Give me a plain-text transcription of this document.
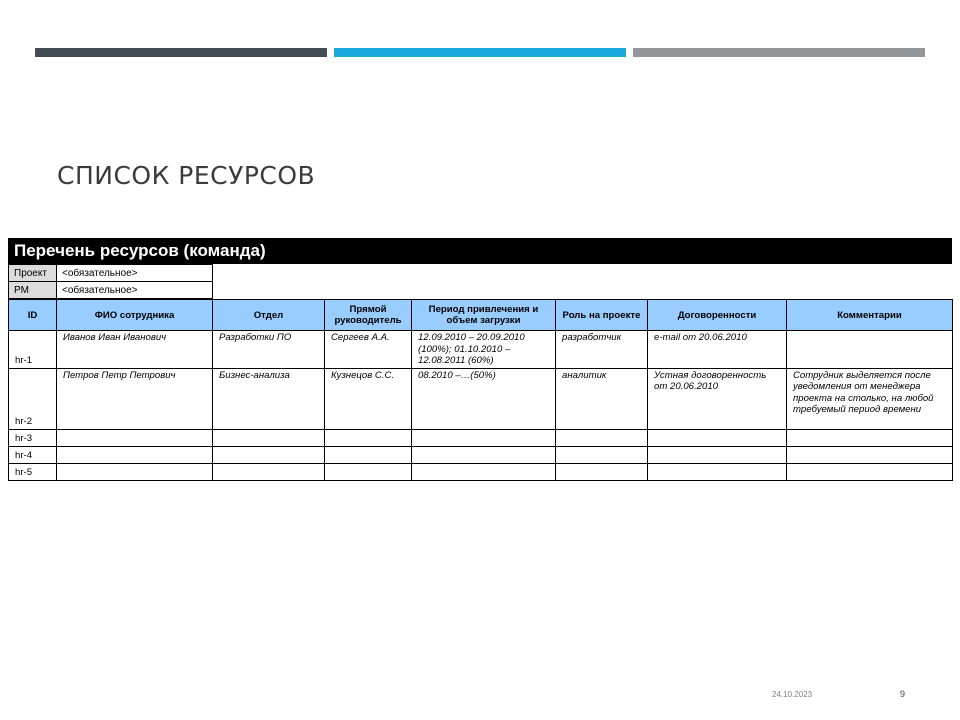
СПИСОК РЕСУРСОВ
Перечень ресурсов (команда)
Проект	<обязательное>
PM	<обязательное>
ID	ФИО сотрудника	Отдел	Прямой руководитель	Период привлечения и объем загрузки	Роль на проекте	Договоренности	Комментарии
hr-1	Иванов Иван Иванович	Разработки ПО	Сергеев А.А.	12.09.2010 – 20.09.2010 (100%); 01.10.2010 – 12.08.2011 (60%)	разработчик	e-mail от 20.06.2010	
hr-2	Петров Петр Петрович	Бизнес-анализа	Кузнецов С.С.	08.2010 –…(50%)	аналитик	Устная договоренность от 20.06.2010	Сотрудник выделяется после уведомления от менеджера проекта на столько, на любой требуемый период времени
hr-3							
hr-4							
hr-5							
24.10.2023	9
